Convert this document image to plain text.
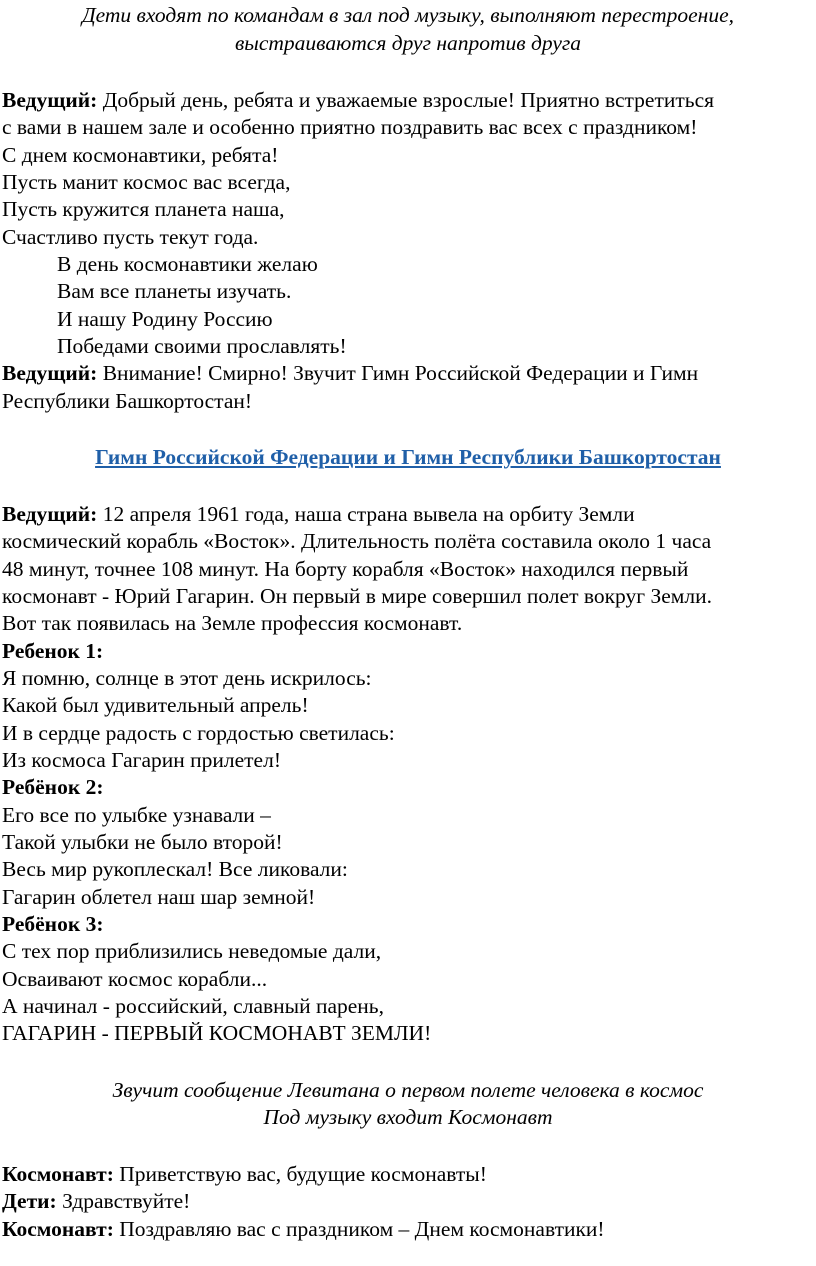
Дети входят по командам в зал под музыку, выполняют перестроение,
выстраиваются друг напротив друга
Ведущий: Добрый день, ребята и уважаемые взрослые! Приятно встретиться
с вами в нашем зале и особенно приятно поздравить вас всех с праздником!
С днем космонавтики, ребята!
Пусть манит космос вас всегда,
Пусть кружится планета наша,
Счастливо пусть текут года.
В день космонавтики желаю
Вам все планеты изучать.
И нашу Родину Россию
Победами своими прославлять!
Ведущий: Внимание! Смирно! Звучит Гимн Российской Федерации и Гимн
Республики Башкортостан!
Гимн Российской Федерации и Гимн Республики Башкортостан
Ведущий: 12 апреля 1961 года, наша страна вывела на орбиту Земли
космический корабль «Восток». Длительность полёта составила около 1 часа
48 минут, точнее 108 минут. На борту корабля «Восток» находился первый
космонавт - Юрий Гагарин. Он первый в мире совершил полет вокруг Земли.
Вот так появилась на Земле профессия космонавт.
Ребенок 1:
Я помню, солнце в этот день искрилось:
Какой был удивительный апрель!
И в сердце радость с гордостью светилась:
Из космоса Гагарин прилетел!
Ребёнок 2:
Его все по улыбке узнавали –
Такой улыбки не было второй!
Весь мир рукоплескал! Все ликовали:
Гагарин облетел наш шар земной!
Ребёнок 3:
С тех пор приблизились неведомые дали,
Осваивают космос корабли...
А начинал - российский, славный парень,
ГАГАРИН - ПЕРВЫЙ КОСМОНАВТ ЗЕМЛИ!
Звучит сообщение Левитана о первом полете человека в космос
Под музыку входит Космонавт
Космонавт: Приветствую вас, будущие космонавты!
Дети: Здравствуйте!
Космонавт: Поздравляю вас с праздником – Днем космонавтики!
